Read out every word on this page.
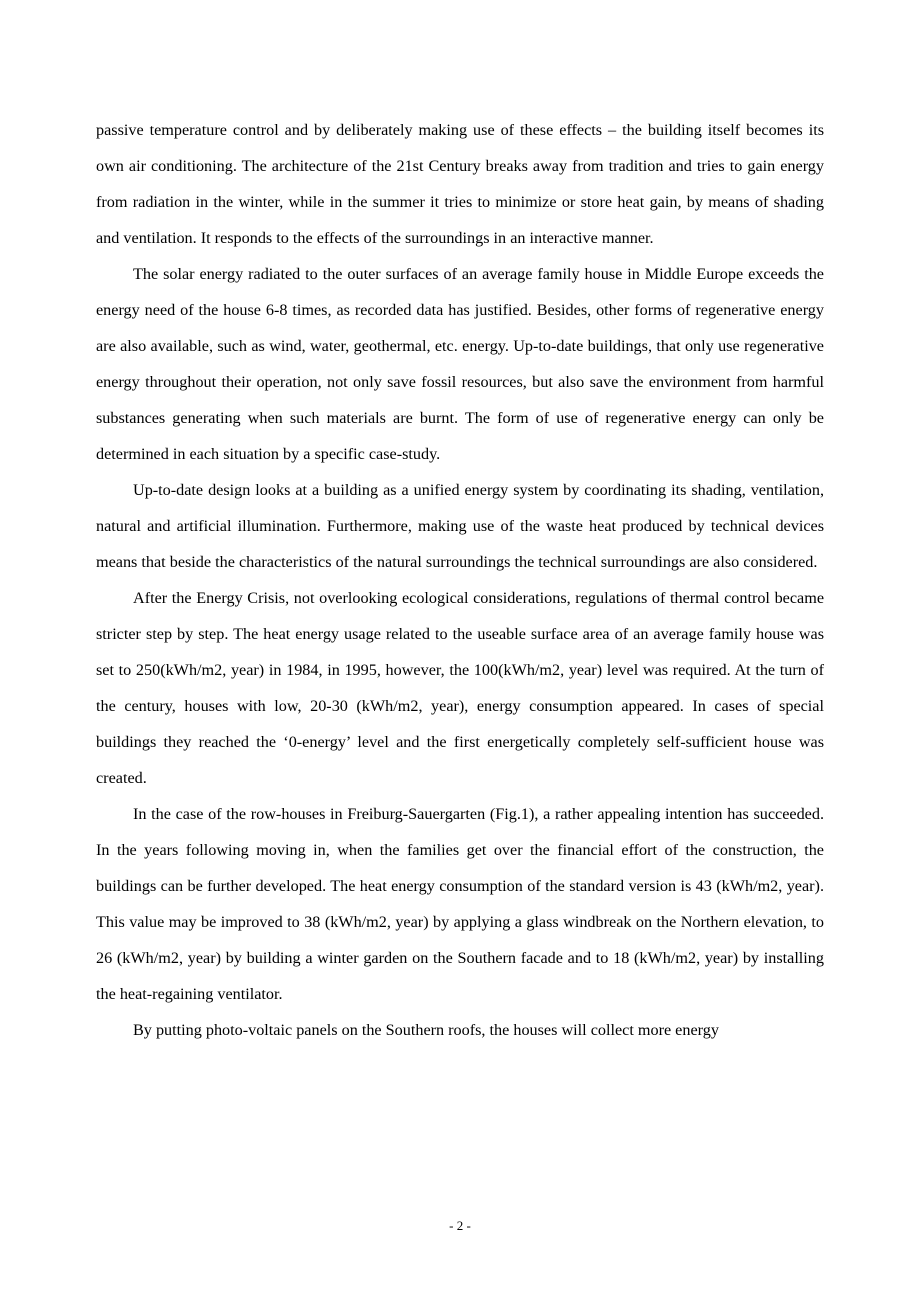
passive temperature control and by deliberately making use of these effects – the building itself becomes its own air conditioning. The architecture of the 21st Century breaks away from tradition and tries to gain energy from radiation in the winter, while in the summer it tries to minimize or store heat gain, by means of shading and ventilation. It responds to the effects of the surroundings in an interactive manner.

The solar energy radiated to the outer surfaces of an average family house in Middle Europe exceeds the energy need of the house 6-8 times, as recorded data has justified. Besides, other forms of regenerative energy are also available, such as wind, water, geothermal, etc. energy. Up-to-date buildings, that only use regenerative energy throughout their operation, not only save fossil resources, but also save the environment from harmful substances generating when such materials are burnt. The form of use of regenerative energy can only be determined in each situation by a specific case-study.

Up-to-date design looks at a building as a unified energy system by coordinating its shading, ventilation, natural and artificial illumination. Furthermore, making use of the waste heat produced by technical devices means that beside the characteristics of the natural surroundings the technical surroundings are also considered.

After the Energy Crisis, not overlooking ecological considerations, regulations of thermal control became stricter step by step. The heat energy usage related to the useable surface area of an average family house was set to 250(kWh/m2, year) in 1984, in 1995, however, the 100(kWh/m2, year) level was required. At the turn of the century, houses with low, 20-30 (kWh/m2, year), energy consumption appeared. In cases of special buildings they reached the ‘0-energy’ level and the first energetically completely self-sufficient house was created.

In the case of the row-houses in Freiburg-Sauergarten (Fig.1), a rather appealing intention has succeeded. In the years following moving in, when the families get over the financial effort of the construction, the buildings can be further developed. The heat energy consumption of the standard version is 43 (kWh/m2, year). This value may be improved to 38 (kWh/m2, year) by applying a glass windbreak on the Northern elevation, to 26 (kWh/m2, year) by building a winter garden on the Southern facade and to 18 (kWh/m2, year) by installing the heat-regaining ventilator.

By putting photo-voltaic panels on the Southern roofs, the houses will collect more energy

- 2 -
